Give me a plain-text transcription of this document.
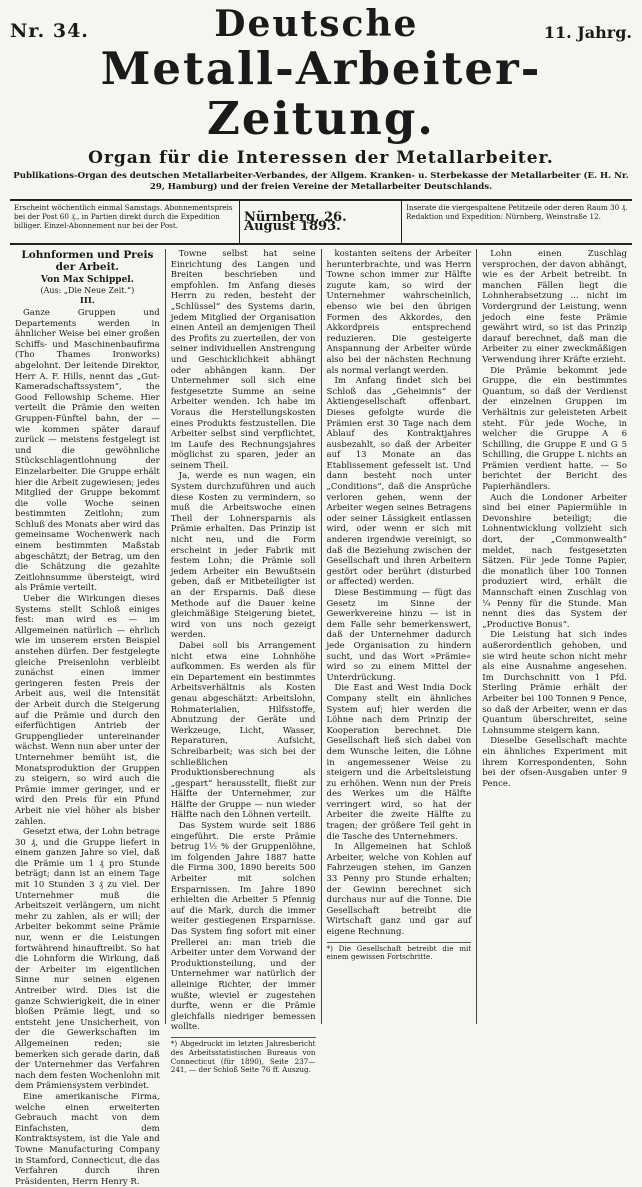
Nr. 34.	Deutsche	11. Jahrg.
Metall-Arbeiter-Zeitung.
Organ für die Interessen der Metallarbeiter.
Publikations-Organ des deutschen Metallarbeiter-Verbandes, der Allgem. Kranken- u. Sterbekasse der Metallarbeiter (E. H. Nr. 29, Hamburg) und der freien Vereine der Metallarbeiter Deutschlands.
Erscheint wöchentlich einmal Samstags. Abonnementspreis bei der Post 60 ₰., in Partien direkt durch die Expedition billiger. Einzel-Abonnement nur bei der Post.
Nürnberg, 26. August 1893.
Inserate die viergespaltene Petitzeile oder deren Raum 30 ₰. Redaktion und Expedition: Nürnberg, Weinstraße 12.
Lohnformen und Preis der Arbeit.
Von Max Schippel.
(Aus: „Die Neue Zeit.“)
III.

Ganze Gruppen und Departements werden in ähnlicher Weise bei einer großen Schiffs- und Maschinenbaufirma (Tho Thames Ironworks) abgelohnt. Der leitende Direktor, Herr A. F. Hills, nennt das „Gut-Kameradschaftssystem“, the Good Fellowship Scheme. Hier verteilt die Prämie den weiten Gruppen-Fünftel bahn, der — wie kommen später darauf zurück — meistens festgelegt ist und die gewöhnliche Stückschlagentlohnung der Einzelarbeiter. Die Gruppe erhält hier die Arbeit zugewiesen; jedes Mitglied der Gruppe bekommt die volle Woche seinen bestimmten Zeitlohn; zum Schluß des Monats aber wird das gemeinsame Wochenwerk nach einem bestimmten Maßstab abgeschätzt; der Betrag, um den die Schätzung die gezahlte Zeitlohnsumme übersteigt, wird als Prämie verteilt.

Ueber die Wirkungen dieses Systems stellt Schloß einiges fest: man wird es — im Allgemeinen natürlich — ehrlich wie im unserem ersten Beispiel anstehen dürfen. Der festgelegte gleiche Preisenlohn verbleibt zunächst einen immer geringeren festen Preis der Arbeit aus, weil die Intensität der Arbeit durch die Steigerung auf die Prämie und durch den eiferfüchtigen Antrieb der Gruppenglieder untereinander wächst. Wenn nun aber unter der Unternehmer bemüht ist, die Monatsproduktion der Gruppen zu steigern, so wird auch die Prämie immer geringer, und er wird den Preis für ein Pfund Arbeit nie viel höher als bisher zahlen.

Gesetzt etwa, der Lohn betrage 30 ₰, und die Gruppe liefert in einem ganzen Jahre so viel, daß die Prämie um 1 ₰ pro Stunde beträgt; dann ist an einem Tage mit 10 Stunden 3 ₰ zu viel. Der Unternehmer muß die Arbeitszeit verlängern, um nicht mehr zu zahlen, als er will; der Arbeiter bekommt seine Prämie nur, wenn er die Leistungen fortwährend hinauftreibt. So hat die Lohnform die Wirkung, daß der Arbeiter im eigentlichen Sinne nur seinen eigenen Antreiber wird. Dies ist die ganze Schwierigkeit, die in einer bloßen Prämie liegt, und so entsteht jene Unsicherheit, von der die Gewerkschaften im Allgemeinen reden; sie bemerken sich gerade darin, daß der Unternehmer das Verfahren nach dem festen Wochenlohn mit dem Prämiensystem verbindet.

Eine amerikanische Firma, welche einen erweiterten Gebrauch macht von dem Einfachsten, dem Kontraktsystem, ist die Yale and Towne Manufacturing Company in Stamford, Connecticut, die das Verfahren durch ihren Präsidenten, Herrn Henry R.

Towne selbst hat seine Einrichtung des Langen und Breiten beschrieben und empfohlen. Im Anfang dieses Herrn zu reden, besteht der „Schlüssel“ des Systems darin, jedem Mitglied der Organisation einen Anteil an demjenigen Theil des Profits zu zuerteilen, der von seiner individuellen Anstrengung und Geschicklichkeit abhängt oder abhängen kann. Der Unternehmer soll sich eine festgesetzte Summe an seine Arbeiter wenden. Ich habe im Voraus die Herstellungskosten eines Produkts festzustellen. Die Arbeiter selbst sind verpflichtet, im Laufe des Rechnungsjahres möglichst zu sparen, jeder an seinem Theil.

Ja, werde es nun wagen, ein System durchzuführen und auch diese Kosten zu vermindern, so muß die Arbeitswoche einen Theil der Lohnersparnis als Prämie erhalten. Das Prinzip ist nicht neu, und die Form erscheint in jeder Fabrik mit festem Lohn; die Prämie soll jedem Arbeiter ein Bewußtsein geben, daß er Mitbeteiligter ist an der Ersparnis. Daß diese Methode auf die Dauer keine gleichmäßige Steigerung bietet, wird von uns noch gezeigt werden.

Dabei soll bis Arrangement nicht etwa eine Lohnhöhe aufkommen. Es werden als für ein Departement ein bestimmtes Arbeitsverhältnis als Kosten genau abgeschätzt: Arbeitslohn, Rohmaterialien, Hilfsstoffe, Abnutzung der Geräte und Werkzeuge, Licht, Wasser, Reparaturen, Aufsicht, Schreibarbeit; was sich bei der schließlichen Produktionsberechnung als „gespart“ herausstellt, fließt zur Hälfte der Unternehmer, zur Hälfte der Gruppe — nun wieder Hälfte nach den Löhnen verteilt.

Das System wurde seit 1886 eingeführt. Die erste Prämie betrug 1½ % der Gruppenlöhne, im folgenden Jahre 1887 hatte die Firma 300, 1890 bereits 500 Arbeiter mit solchen Ersparnissen. Im Jahre 1890 erhielten die Arbeiter 5 Pfennig auf die Mark, durch die immer weiter gestiegenen Ersparnisse. Das System fing sofort mit einer Prellerei an: man trieb die Arbeiter unter dem Vorwand der Produktionsteilung, und der Unternehmer war natürlich der alleinige Richter, der immer wußte, wieviel er zugestehen durfte, wenn er die Prämie gleichfalls niedriger bemessen wollte.

*) Abgedruckt im letzten Jahresbericht des Arbeitsstatistischen Bureaus von Connecticut (für 1890), Seite 237—241, — der Schloß Seite 76 ff. Auszug.

kostanten seitens der Arbeiter herunterbrachte, und was Herrn Towne schon immer zur Hälfte zugute kam, so wird der Unternehmer wahrscheinlich, ebenso wie bei den übrigen Formen des Akkordes, den Akkordpreis entsprechend reduzieren. Die gesteigerte Anspannung der Arbeiter würde also bei der nächsten Rechnung als normal verlangt werden.

Im Anfang findet sich bei Schloß das „Geheimnis“ der Aktiengesellschaft offenbart. Dieses gefolgte wurde die Prämien erst 30 Tage nach dem Ablauf des Kontraktjahres ausbezahlt, so daß der Arbeiter auf 13 Monate an das Etablissement gefesselt ist. Und dann besteht noch unter „Conditions“, daß die Ansprüche verloren gehen, wenn der Arbeiter wegen seines Betragens oder seiner Lässigkeit entlassen wird, oder wenn er sich mit anderen irgendwie vereinigt, so daß die Beziehung zwischen der Gesellschaft und ihren Arbeitern gestört oder berührt (disturbed or affected) werden.

Diese Bestimmung — fügt das Gesetz im Sinne der Gewerkvereine hinzu — ist in dem Falle sehr bemerkenswert, daß der Unternehmer dadurch jede Organisation zu hindern sucht, und das Wort »Prämie« wird so zu einem Mittel der Unterdrückung.

Die East and West India Dock Company stellt ein ähnliches System auf; hier werden die Löhne nach dem Prinzip der Kooperation berechnet. Die Gesellschaft ließ sich dabei von dem Wunsche leiten, die Löhne in angemessener Weise zu steigern und die Arbeitsleistung zu erhöhen. Wenn nun der Preis des Werkes um die Hälfte verringert wird, so hat der Arbeiter die zweite Hälfte zu tragen; der größere Teil geht in die Tasche des Unternehmers.

In Allgemeinen hat Schloß Arbeiter, welche von Kohlen auf Fahrzeugen stehen, im Ganzen 33 Penny pro Stunde erhalten; der Gewinn berechnet sich durchaus nur auf die Tonne. Die Gesellschaft betreibt die Wirtschaft ganz und gar auf eigene Rechnung.

*) Die Gesellschaft betreibt die mit einem gewissen Fortschritte.

Lohn einen Zuschlag versprochen, der davon abhängt, wie es der Arbeit betreibt. In manchen Fällen liegt die Lohnherabsetzung ... nicht im Vordergrund der Leistung, wenn jedoch eine feste Prämie gewährt wird, so ist das Prinzip darauf berechnet, daß man die Arbeiter zu einer zweckmäßigen Verwendung ihrer Kräfte erzieht.

Die Prämie bekommt jede Gruppe, die ein bestimmtes Quantum, so daß der Verdienst der einzelnen Gruppen im Verhältnis zur geleisteten Arbeit steht. Für jede Woche, in welcher die Gruppe A 6 Schilling, die Gruppe E und G 5 Schilling, die Gruppe L nichts an Prämien verdient hatte. — So berichtet der Bericht des Papierhändlers.

Auch die Londoner Arbeiter sind bei einer Papiermühle in Devonshire beteiligt; die Lohnentwicklung vollzieht sich dort, der „Commonwealth“ meldet, nach festgesetzten Sätzen. Für jede Tonne Papier, die monatlich über 100 Tonnen produziert wird, erhält die Mannschaft einen Zuschlag von ¼ Penny für die Stunde. Man nennt dies das System der „Productive Bonus“.

Die Leistung hat sich indes außerordentlich gehoben, und sie wird heute schon nicht mehr als eine Ausnahme angesehen. Im Durchschnitt von 1 Pfd. Sterling Prämie erhält der Arbeiter bei 100 Tonnen 9 Pence, so daß der Arbeiter, wenn er das Quantum überschreitet, seine Lohnsumme steigern kann.

Dieselbe Gesellschaft machte ein ähnliches Experiment mit ihrem Korrespondenten, Sohn bei der ofsen-Ausgaben unter 9 Pence.
